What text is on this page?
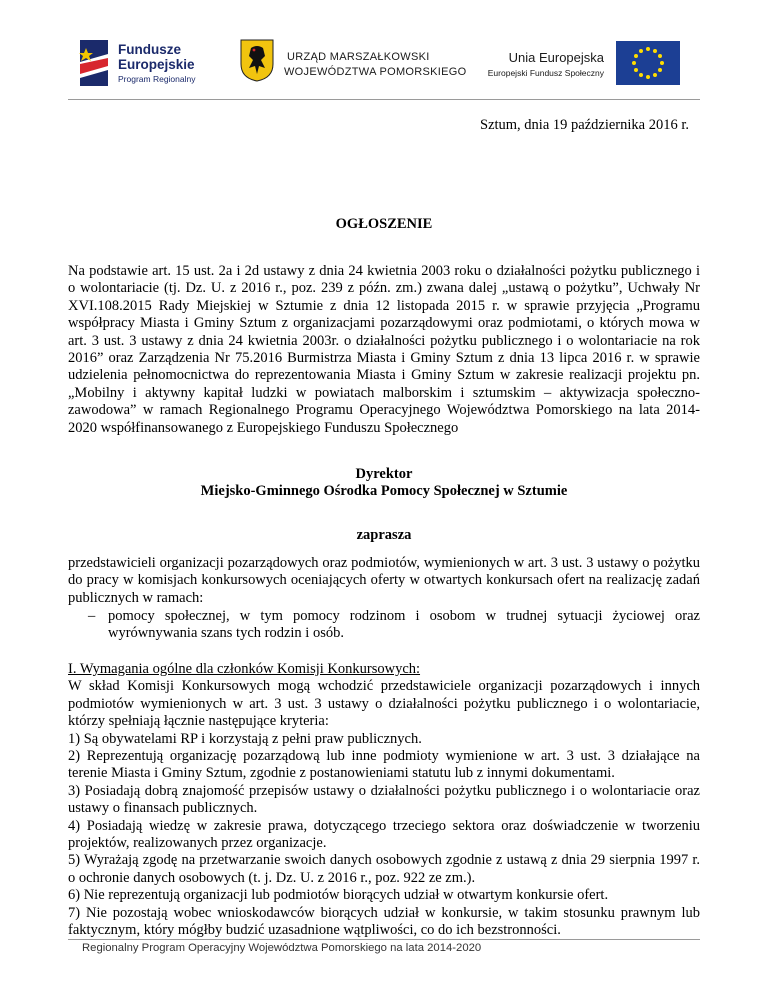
Fundusze
Europejskie
Program Regionalny
URZĄD MARSZAŁKOWSKI
WOJEWÓDZTWA POMORSKIEGO
Unia Europejska
Europejski Fundusz Społeczny
Sztum, dnia 19 października 2016 r.
OGŁOSZENIE

Na podstawie art. 15 ust. 2a i 2d ustawy z dnia 24 kwietnia 2003 roku o działalności pożytku publicznego i o wolontariacie (tj. Dz. U. z 2016 r., poz. 239 z późn. zm.) zwana dalej „ustawą o pożytku”, Uchwały Nr XVI.108.2015 Rady Miejskiej w Sztumie z dnia 12 listopada 2015 r. w sprawie przyjęcia „Programu współpracy Miasta i Gminy Sztum z organizacjami pozarządowymi oraz podmiotami, o których mowa w art. 3 ust. 3 ustawy z dnia 24 kwietnia 2003r. o działalności pożytku publicznego i o wolontariacie na rok 2016” oraz Zarządzenia Nr 75.2016 Burmistrza Miasta i Gminy Sztum z dnia 13 lipca 2016 r. w sprawie udzielenia pełnomocnictwa do reprezentowania Miasta i Gminy Sztum w zakresie realizacji projektu pn. „Mobilny i aktywny kapitał ludzki w powiatach malborskim i sztumskim – aktywizacja społeczno-zawodowa” w ramach Regionalnego Programu Operacyjnego Województwa Pomorskiego na lata 2014-2020 współfinansowanego z Europejskiego Funduszu Społecznego

Dyrektor
Miejsko-Gminnego Ośrodka Pomocy Społecznej w Sztumie
zaprasza

przedstawicieli organizacji pozarządowych oraz podmiotów, wymienionych w art. 3 ust. 3 ustawy o pożytku do pracy w komisjach konkursowych oceniających oferty w otwartych konkursach ofert na realizację zadań publicznych w ramach:

– pomocy społecznej, w tym pomocy rodzinom i osobom w trudnej sytuacji życiowej oraz wyrównywania szans tych rodzin i osób.
I. Wymagania ogólne dla członków Komisji Konkursowych:
W skład Komisji Konkursowych mogą wchodzić przedstawiciele organizacji pozarządowych i innych podmiotów wymienionych w art. 3 ust. 3 ustawy o działalności pożytku publicznego i o wolontariacie, którzy spełniają łącznie następujące kryteria:
1) Są obywatelami RP i korzystają z pełni praw publicznych.
2) Reprezentują organizację pozarządową lub inne podmioty wymienione w art. 3 ust. 3 działające na terenie Miasta i Gminy Sztum, zgodnie z postanowieniami statutu lub z innymi dokumentami.
3) Posiadają dobrą znajomość przepisów ustawy o działalności pożytku publicznego i o wolontariacie oraz ustawy o finansach publicznych.
4) Posiadają wiedzę w zakresie prawa, dotyczącego trzeciego sektora oraz doświadczenie w tworzeniu projektów, realizowanych przez organizacje.
5) Wyrażają zgodę na przetwarzanie swoich danych osobowych zgodnie z ustawą z dnia 29 sierpnia 1997 r. o ochronie danych osobowych (t. j. Dz. U. z 2016 r., poz. 922 ze zm.).
6) Nie reprezentują organizacji lub podmiotów biorących udział w otwartym konkursie ofert.
7) Nie pozostają wobec wnioskodawców biorących udział w konkursie, w takim stosunku prawnym lub faktycznym, który mógłby budzić uzasadnione wątpliwości, co do ich bezstronności.
Regionalny Program Operacyjny Województwa Pomorskiego na lata 2014-2020
